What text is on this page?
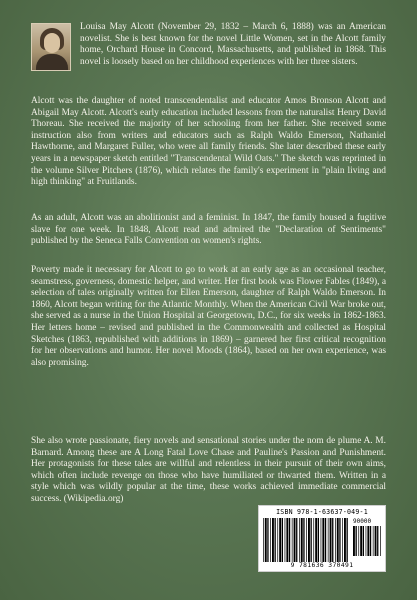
Louisa May Alcott (November 29, 1832 – March 6, 1888) was an American novelist. She is best known for the novel Little Women, set in the Alcott family home, Orchard House in Concord, Massachusetts, and published in 1868. This novel is loosely based on her childhood experiences with her three sisters.

Alcott was the daughter of noted transcendentalist and educator Amos Bronson Alcott and Abigail May Alcott. Alcott's early education included lessons from the naturalist Henry David Thoreau. She received the majority of her schooling from her father. She received some instruction also from writers and educators such as Ralph Waldo Emerson, Nathaniel Hawthorne, and Margaret Fuller, who were all family friends. She later described these early years in a newspaper sketch entitled "Transcendental Wild Oats." The sketch was reprinted in the volume Silver Pitchers (1876), which relates the family's experiment in "plain living and high thinking" at Fruitlands.

As an adult, Alcott was an abolitionist and a feminist. In 1847, the family housed a fugitive slave for one week. In 1848, Alcott read and admired the "Declaration of Sentiments" published by the Seneca Falls Convention on women's rights.

Poverty made it necessary for Alcott to go to work at an early age as an occasional teacher, seamstress, governess, domestic helper, and writer. Her first book was Flower Fables (1849), a selection of tales originally written for Ellen Emerson, daughter of Ralph Waldo Emerson. In 1860, Alcott began writing for the Atlantic Monthly. When the American Civil War broke out, she served as a nurse in the Union Hospital at Georgetown, D.C., for six weeks in 1862-1863. Her letters home – revised and published in the Commonwealth and collected as Hospital Sketches (1863, republished with additions in 1869) – garnered her first critical recognition for her observations and humor. Her novel Moods (1864), based on her own experience, was also promising.

She also wrote passionate, fiery novels and sensational stories under the nom de plume A. M. Barnard. Among these are A Long Fatal Love Chase and Pauline's Passion and Punishment. Her protagonists for these tales are willful and relentless in their pursuit of their own aims, which often include revenge on those who have humiliated or thwarted them. Written in a style which was wildly popular at the time, these works achieved immediate commercial success. (Wikipedia.org)

ISBN 978-1-63637-049-1
90000
9 781636 370491
